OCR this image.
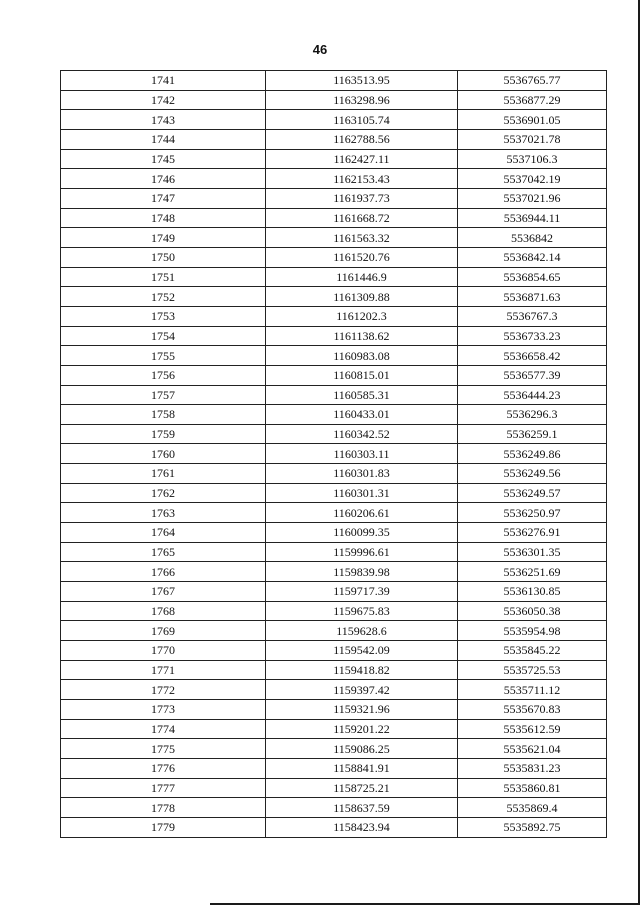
46
1741	1163513.95	5536765.77
1742	1163298.96	5536877.29
1743	1163105.74	5536901.05
1744	1162788.56	5537021.78
1745	1162427.11	5537106.3
1746	1162153.43	5537042.19
1747	1161937.73	5537021.96
1748	1161668.72	5536944.11
1749	1161563.32	5536842
1750	1161520.76	5536842.14
1751	1161446.9	5536854.65
1752	1161309.88	5536871.63
1753	1161202.3	5536767.3
1754	1161138.62	5536733.23
1755	1160983.08	5536658.42
1756	1160815.01	5536577.39
1757	1160585.31	5536444.23
1758	1160433.01	5536296.3
1759	1160342.52	5536259.1
1760	1160303.11	5536249.86
1761	1160301.83	5536249.56
1762	1160301.31	5536249.57
1763	1160206.61	5536250.97
1764	1160099.35	5536276.91
1765	1159996.61	5536301.35
1766	1159839.98	5536251.69
1767	1159717.39	5536130.85
1768	1159675.83	5536050.38
1769	1159628.6	5535954.98
1770	1159542.09	5535845.22
1771	1159418.82	5535725.53
1772	1159397.42	5535711.12
1773	1159321.96	5535670.83
1774	1159201.22	5535612.59
1775	1159086.25	5535621.04
1776	1158841.91	5535831.23
1777	1158725.21	5535860.81
1778	1158637.59	5535869.4
1779	1158423.94	5535892.75
